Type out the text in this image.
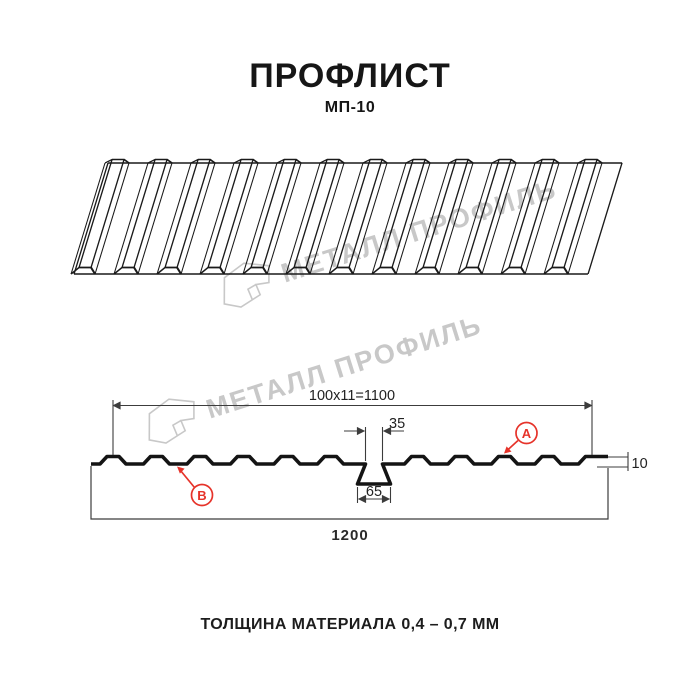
ПРОФЛИСТ
МП-10
100x11=1100
35
65
10
1200
A
B
ТОЛЩИНА МАТЕРИАЛА 0,4 – 0,7 ММ
